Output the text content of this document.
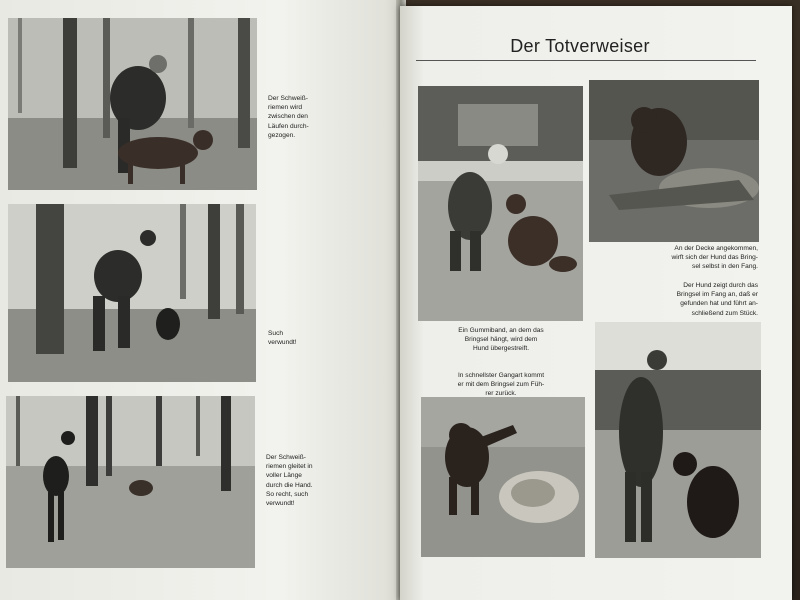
Der Schweiß-
riemen wird
zwischen den
Läufen durch-
gezogen.
Such
verwundt!
Der Schweiß-
riemen gleitet in
voller Länge
durch die Hand.
So recht, such
verwundt!
Der Totverweiser
An der Decke angekommen,
wirft sich der Hund das Bring-
sel selbst in den Fang.
Der Hund zeigt durch das
Bringsel im Fang an, daß er
gefunden hat und führt an-
schließend zum Stück.
Ein Gummiband, an dem das
Bringsel hängt, wird dem
Hund übergestreift.
In schnellster Gangart kommt
er mit dem Bringsel zum Füh-
rer zurück.
